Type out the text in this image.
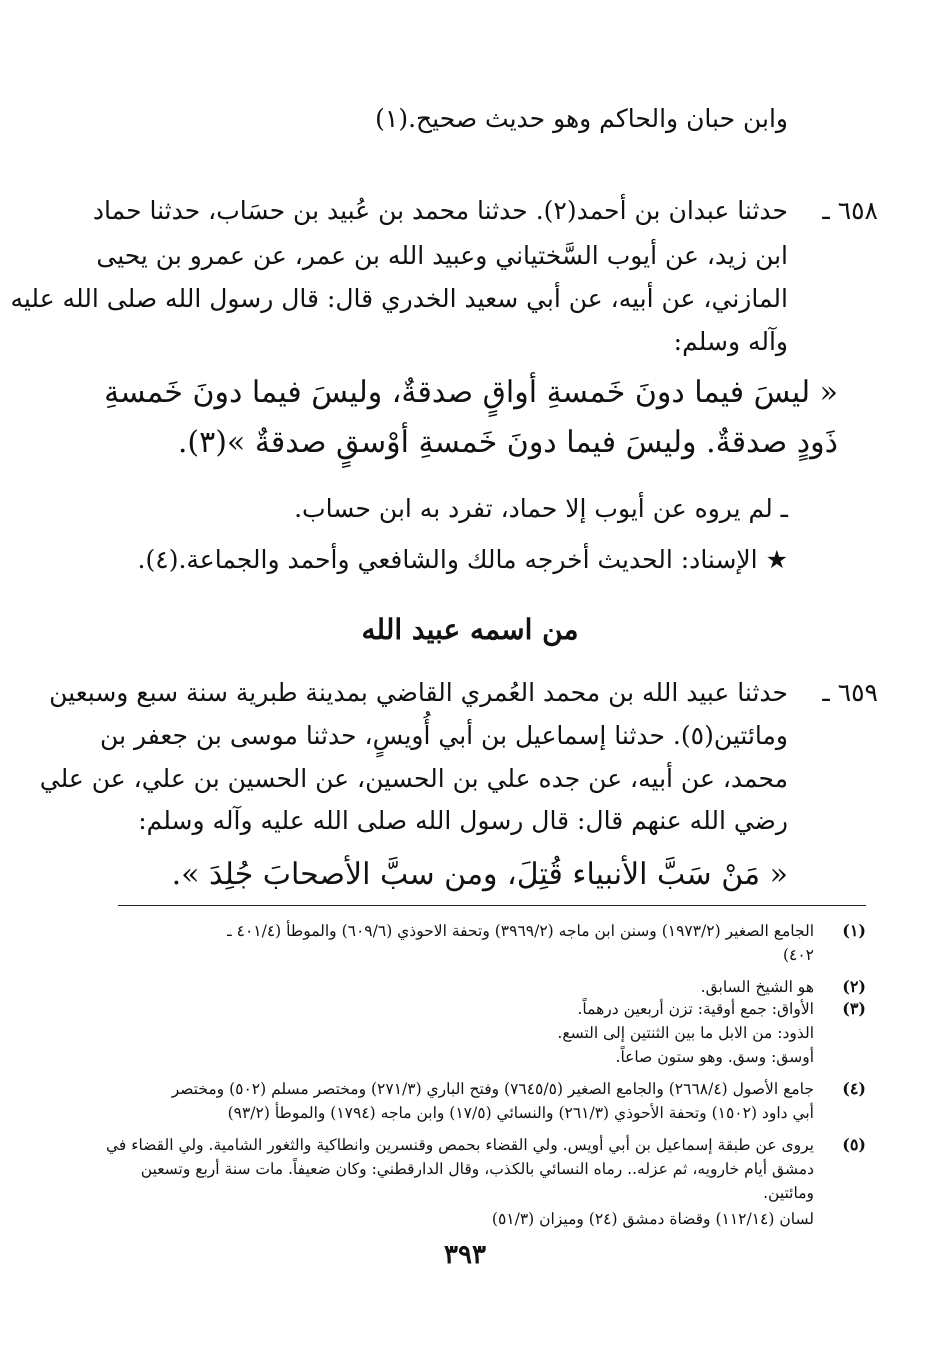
وابن حبان والحاكم وهو حديث صحيح.(١)
٦٥٨ ـ
حدثنا عبدان بن أحمد(٢). حدثنا محمد بن عُبيد بن حسَاب، حدثنا حماد
ابن زيد، عن أيوب السَّختياني وعبيد الله بن عمر، عن عمرو بن يحيى
المازني، عن أبيه، عن أبي سعيد الخدري قال: قال رسول الله صلى الله عليه
وآله وسلم:
« ليسَ فيما دونَ خَمسةِ أواقٍ صدقةٌ، وليسَ فيما دونَ خَمسةِ
ذَودٍ صدقةٌ. وليسَ فيما دونَ خَمسةِ أوْسقٍ صدقةٌ »(٣).
ـ لم يروه عن أيوب إلا حماد، تفرد به ابن حساب.
★ الإسناد: الحديث أخرجه مالك والشافعي وأحمد والجماعة.(٤).
من اسمه عبيد الله
٦٥٩ ـ
حدثنا عبيد الله بن محمد العُمري القاضي بمدينة طبرية سنة سبع وسبعين
ومائتين(٥). حدثنا إسماعيل بن أبي أُويسٍ، حدثنا موسى بن جعفر بن
محمد، عن أبيه، عن جده علي بن الحسين، عن الحسين بن علي، عن علي
رضي الله عنهم قال: قال رسول الله صلى الله عليه وآله وسلم:
« مَنْ سَبَّ الأنبياء قُتِلَ، ومن سبَّ الأصحابَ جُلِدَ ».
(١)
الجامع الصغير (١٩٧٣/٢) وسنن ابن ماجه (٣٩٦٩/٢) وتحفة الاحوذي (٦٠٩/٦) والموطأ (٤٠١/٤ ـ
٤٠٢)
(٢)
هو الشيخ السابق.
(٣)
الأواق: جمع أوقية: تزن أربعين درهماً.
الذود: من الابل ما بين الثنتين إلى التسع.
أوسق: وسق. وهو ستون صاعاً.
(٤)
جامع الأصول (٢٦٦٨/٤) والجامع الصغير (٧٦٤٥/٥) وفتح الباري (٢٧١/٣) ومختصر مسلم (٥٠٢) ومختصر
أبي داود (١٥٠٢) وتحفة الأحوذي (٢٦١/٣) والنسائي (١٧/٥) وابن ماجه (١٧٩٤) والموطأ (٩٣/٢)
(٥)
يروى عن طبقة إسماعيل بن أبي أويس. ولي القضاء بحمص وقنسرين وانطاكية والثغور الشامية. ولي القضاء في
دمشق أيام خارويه، ثم عزله.. رماه النسائي بالكذب، وقال الدارقطني: وكان ضعيفاً. مات سنة أربع وتسعين
ومائتين.
لسان (١١٢/١٤) وقضاة دمشق (٢٤) وميزان (٥١/٣)
٣٩٣
